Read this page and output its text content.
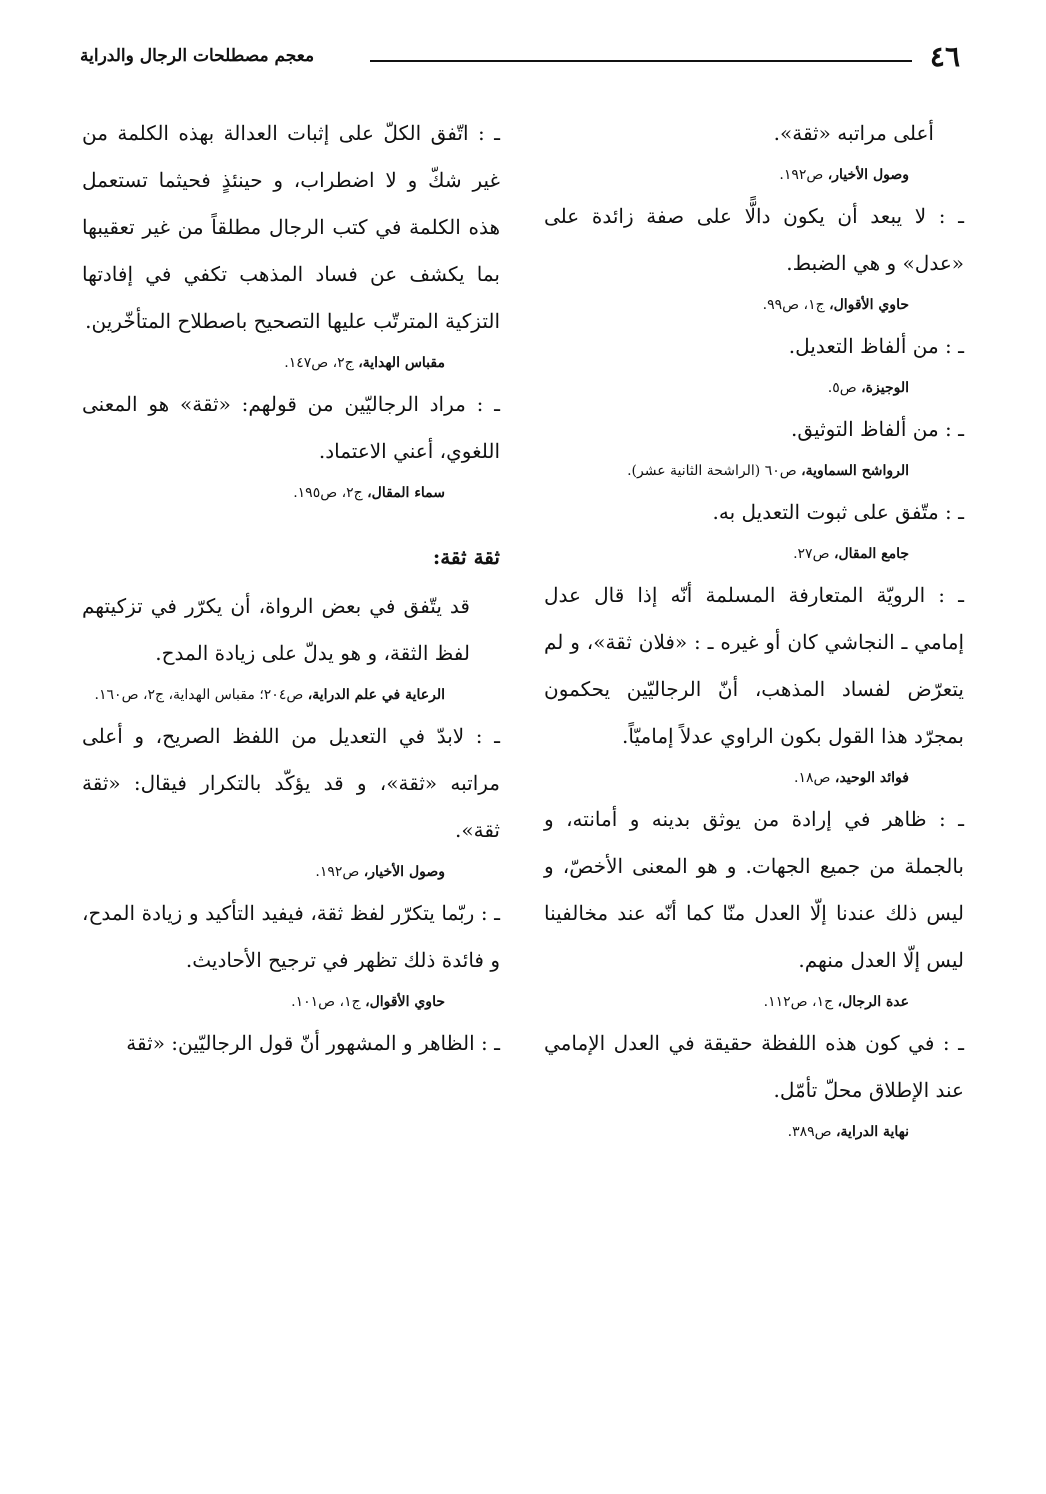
٤٦
معجم مصطلحات الرجال والدراية

أعلى مراتبه «ثقة».

وصول الأخيار، ص١٩٢.

ـ : لا يبعد أن يكون دالًّا على صفة زائدة على «عدل» و هي الضبط.

حاوي الأقوال، ج١، ص٩٩.

ـ : من ألفاظ التعديل.

الوجيزة، ص٥.

ـ : من ألفاظ التوثيق.

الرواشح السماوية، ص٦٠ (الراشحة الثانية عشر).

ـ : متّفق على ثبوت التعديل به.

جامع المقال، ص٢٧.

ـ : الرويّة المتعارفة المسلمة أنّه إذا قال عدل إمامي ـ النجاشي كان أو غيره ـ : «فلان ثقة»، و لم يتعرّض لفساد المذهب، أنّ الرجاليّين يحكمون بمجرّد هذا القول بكون الراوي عدلاً إماميّاً.

فوائد الوحيد، ص١٨.

ـ : ظاهر في إرادة من يوثق بدينه و أمانته، و بالجملة من جميع الجهات. و هو المعنى الأخصّ، و ليس ذلك عندنا إلّا العدل منّا كما أنّه عند مخالفينا ليس إلّا العدل منهم.

عدة الرجال، ج١، ص١١٢.

ـ : في كون هذه اللفظة حقيقة في العدل الإمامي عند الإطلاق محلّ تأمّل.

نهاية الدراية، ص٣٨٩.

ـ : اتّفق الكلّ على إثبات العدالة بهذه الكلمة من غير شكّ و لا اضطراب، و حينئذٍ فحيثما تستعمل هذه الكلمة في كتب الرجال مطلقاً من غير تعقيبها بما يكشف عن فساد المذهب تكفي في إفادتها التزكية المترتّب عليها التصحيح باصطلاح المتأخّرين.

مقباس الهداية، ج٢، ص١٤٧.

ـ : مراد الرجاليّين من قولهم: «ثقة» هو المعنى اللغوي، أعني الاعتماد.

سماء المقال، ج٢، ص١٩٥.

ثقة ثقة:

قد يتّفق في بعض الرواة، أن يكرّر في تزكيتهم لفظ الثقة، و هو يدلّ على زيادة المدح.

الرعاية في علم الدراية، ص٢٠٤؛ مقباس الهداية، ج٢، ص١٦٠.

ـ : لابدّ في التعديل من اللفظ الصريح، و أعلى مراتبه «ثقة»، و قد يؤكّد بالتكرار فيقال: «ثقة ثقة».

وصول الأخيار، ص١٩٢.

ـ : ربّما يتكرّر لفظ ثقة، فيفيد التأكيد و زيادة المدح، و فائدة ذلك تظهر في ترجيح الأحاديث.

حاوي الأقوال، ج١، ص١٠١.

ـ : الظاهر و المشهور أنّ قول الرجاليّين: «ثقة
